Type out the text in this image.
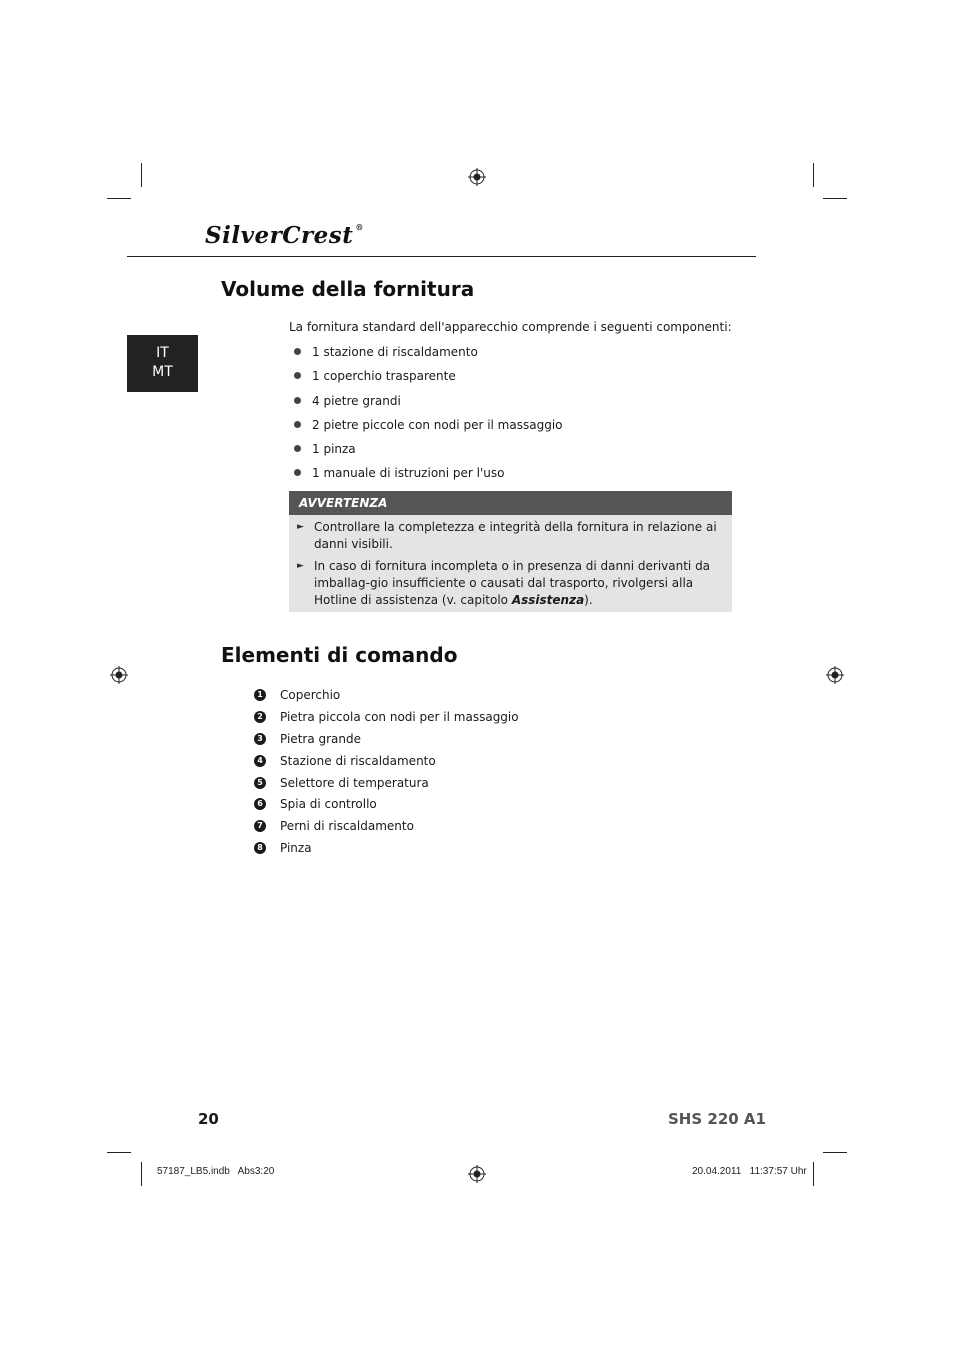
SilverCrest ®
IT
MT
Volume della fornitura
La fornitura standard dell'apparecchio comprende i seguenti componenti:
1 stazione di riscaldamento
1 coperchio trasparente
4 pietre grandi
2 pietre piccole con nodi per il massaggio
1 pinza
1 manuale di istruzioni per l'uso
AVVERTENZA
► Controllare la completezza e integrità della fornitura in relazione ai danni visibili.
► In caso di fornitura incompleta o in presenza di danni derivanti da imballag-gio insufficiente o causati dal trasporto, rivolgersi alla Hotline di assistenza (v. capitolo Assistenza).
Elementi di comando
1 Coperchio
2 Pietra piccola con nodi per il massaggio
3 Pietra grande
4 Stazione di riscaldamento
5 Selettore di temperatura
6 Spia di controllo
7 Perni di riscaldamento
8 Pinza
20	SHS 220 A1
57187_LB5.indb   Abs3:20	20.04.2011   11:37:57 Uhr
